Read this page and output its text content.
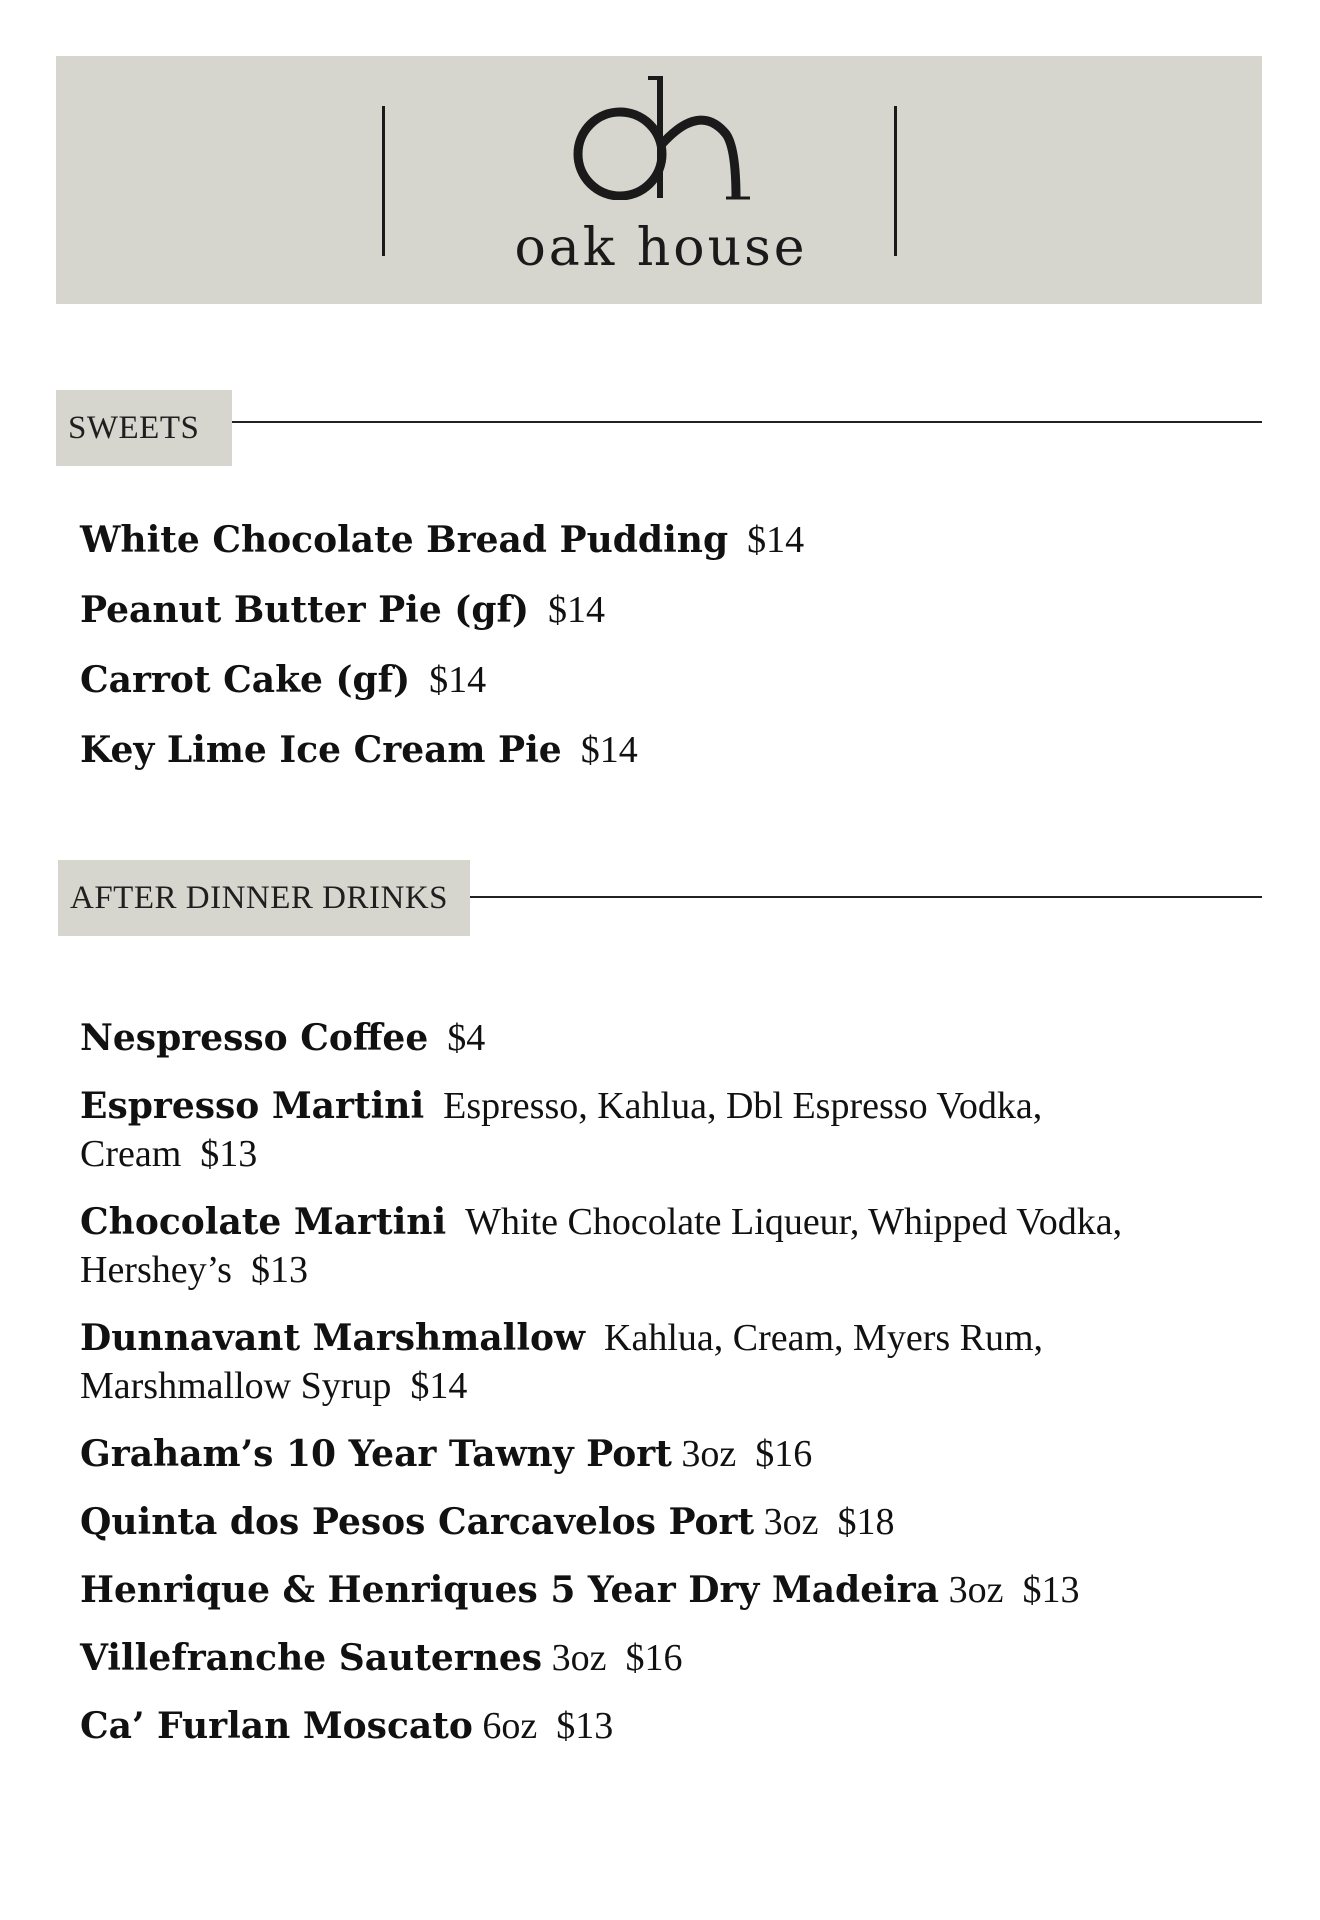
oak house
SWEETS
White Chocolate Bread Pudding $14
Peanut Butter Pie (gf) $14
Carrot Cake (gf) $14
Key Lime Ice Cream Pie $14
AFTER DINNER DRINKS
Nespresso Coffee $4
Espresso Martini Espresso, Kahlua, Dbl Espresso Vodka, Cream $13
Chocolate Martini White Chocolate Liqueur, Whipped Vodka, Hershey’s $13
Dunnavant Marshmallow Kahlua, Cream, Myers Rum, Marshmallow Syrup $14
Graham’s 10 Year Tawny Port 3oz $16
Quinta dos Pesos Carcavelos Port 3oz $18
Henrique & Henriques 5 Year Dry Madeira 3oz $13
Villefranche Sauternes 3oz $16
Ca’ Furlan Moscato 6oz $13
